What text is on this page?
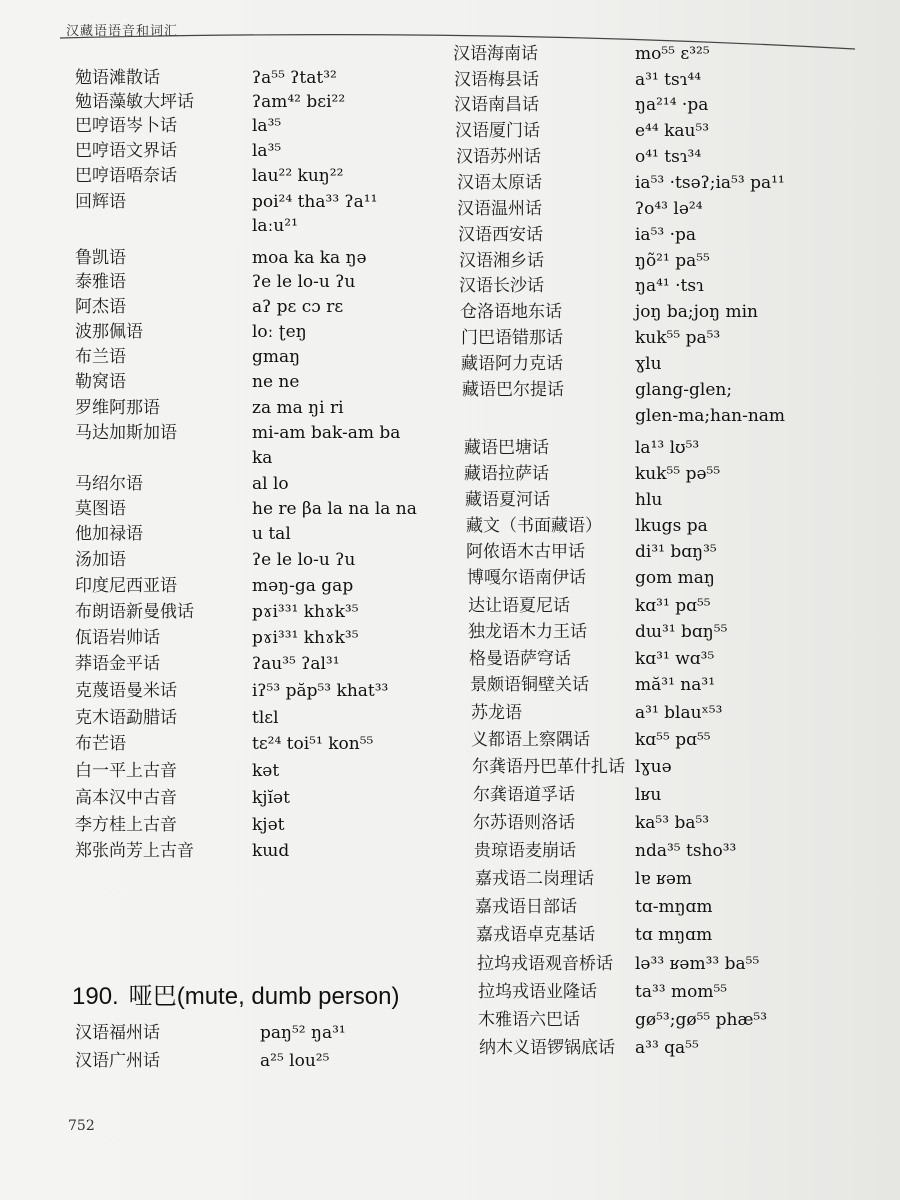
汉藏语语音和词汇
勉语滩散话	ʔa⁵⁵ ʔtat³²
勉语藻敏大坪话	ʔam⁴² bɛi²²
巴哼语岑卜话	la³⁵
巴哼语文界话	la³⁵
巴哼语唔奈话	lau²² kuŋ²²
回辉语	poi²⁴ tha³³ ʔa¹¹
laːu²¹
鲁凯语	moa ka ka ŋə
泰雅语	ʔe le lo-u ʔu
阿杰语	aʔ pɛ cɔ rɛ
波那佩语	loː ʈeŋ
布兰语	gmaŋ
勒窝语	ne ne
罗维阿那语	za ma ŋi ri
马达加斯加语	mi-am bak-am ba
ka
马绍尔语	al lo
莫图语	he re βa la na la na
他加禄语	u tal
汤加语	ʔe le lo-u ʔu
印度尼西亚语	məŋ-ga gap
布朗语新曼俄话	pɤi³³¹ khɤk³⁵
佤语岩帅话	pɤi³³¹ khɤk³⁵
莽语金平话	ʔau³⁵ ʔal³¹
克蔑语曼米话	iʔ⁵³ păp⁵³ khat³³
克木语勐腊话	tlɛl
布芒语	tɛ²⁴ toi⁵¹ kon⁵⁵
白一平上古音	kət
高本汉中古音	kjĭət
李方桂上古音	kjət
郑张尚芳上古音	kɯd
190. 哑巴(mute, dumb person)
汉语福州话	paŋ⁵² ŋa³¹
汉语广州话	a²⁵ lou²⁵
汉语海南话	mo⁵⁵ ɛ³²⁵
汉语梅县话	a³¹ tsɿ⁴⁴
汉语南昌话	ŋa²¹⁴ ·pa
汉语厦门话	e⁴⁴ kau⁵³
汉语苏州话	o⁴¹ tsɿ³⁴
汉语太原话	ia⁵³ ·tsəʔ;ia⁵³ pa¹¹
汉语温州话	ʔo⁴³ lə²⁴
汉语西安话	ia⁵³ ·pa
汉语湘乡话	ŋõ²¹ pa⁵⁵
汉语长沙话	ŋa⁴¹ ·tsɿ
仓洛语地东话	joŋ ba;joŋ min
门巴语错那话	kuk⁵⁵ pa⁵³
藏语阿力克话	ɣlu
藏语巴尔提话	glang-glen;
glen-ma;han-nam
藏语巴塘话	la¹³ lʊ⁵³
藏语拉萨话	kuk⁵⁵ pə⁵⁵
藏语夏河话	hlu
藏文（书面藏语） lkugs pa
阿侬语木古甲话	di³¹ bɑŋ³⁵
博嘎尔语南伊话	gom maŋ
达让语夏尼话	kɑ³¹ pɑ⁵⁵
独龙语木力王话	dɯ³¹ bɑŋ⁵⁵
格曼语萨穹话	kɑ³¹ wɑ³⁵
景颇语铜壁关话	mă³¹ na³¹
苏龙语	a³¹ blauˣ⁵³
义都语上察隅话	kɑ⁵⁵ pɑ⁵⁵
尔龚语丹巴革什扎话 lɣuə
尔龚语道孚话	lʁu
尔苏语则洛话	ka⁵³ ba⁵³
贵琼语麦崩话	nda³⁵ tsho³³
嘉戎语二岗理话 lɐ ʁəm
嘉戎语日部话	tɑ-mŋɑm
嘉戎语卓克基话 tɑ mŋɑm
拉坞戎语观音桥话 lə³³ ʁəm³³ ba⁵⁵
拉坞戎语业隆话 ta³³ mom⁵⁵
木雅语六巴话	gø⁵³;gø⁵⁵ phæ⁵³
纳木义语锣锅底话 a³³ qa⁵⁵
752
